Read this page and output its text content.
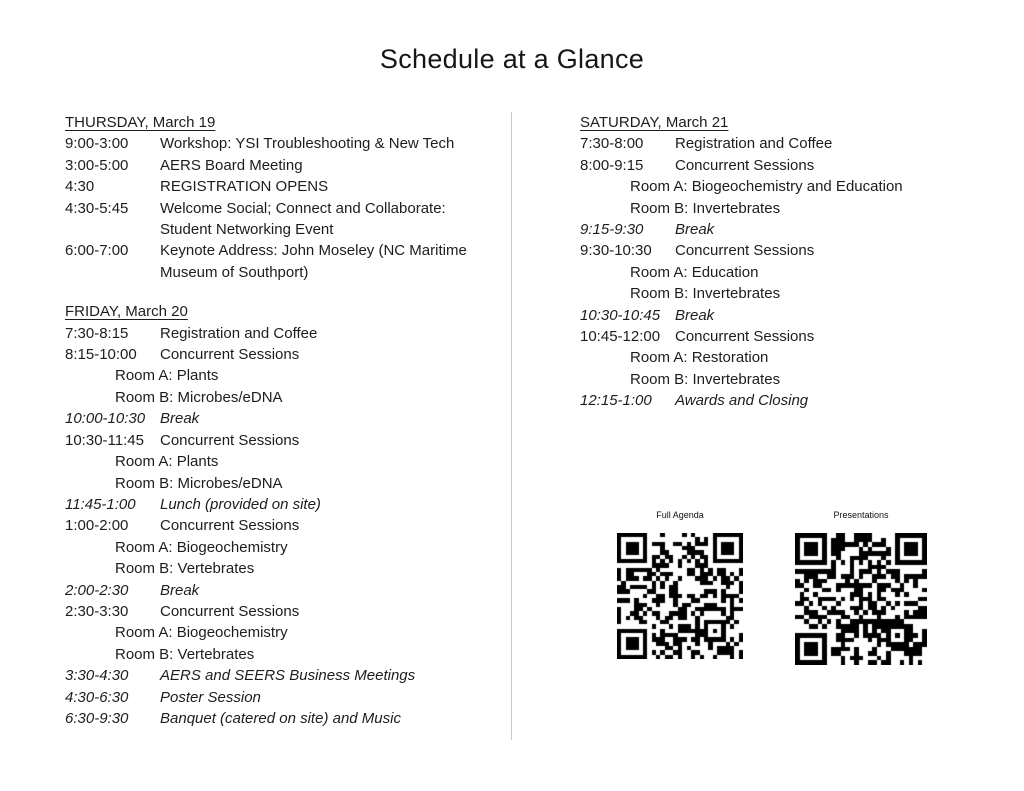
Schedule at a Glance
THURSDAY, March 19
9:00-3:00	Workshop: YSI Troubleshooting & New Tech
3:00-5:00	AERS Board Meeting
4:30	REGISTRATION OPENS
4:30-5:45	Welcome Social; Connect and Collaborate:
Student Networking Event
6:00-7:00	Keynote Address: John Moseley (NC Maritime
Museum of Southport)
FRIDAY, March 20
7:30-8:15	Registration and Coffee
8:15-10:00	Concurrent Sessions
Room A: Plants
Room B: Microbes/eDNA
10:00-10:30 Break
10:30-11:45	Concurrent Sessions
Room A: Plants
Room B: Microbes/eDNA
11:45-1:00	Lunch (provided on site)
1:00-2:00	Concurrent Sessions
Room A: Biogeochemistry
Room B: Vertebrates
2:00-2:30	Break
2:30-3:30	Concurrent Sessions
Room A: Biogeochemistry
Room B: Vertebrates
3:30-4:30	AERS and SEERS Business Meetings
4:30-6:30	Poster Session
6:30-9:30	Banquet (catered on site) and Music
SATURDAY, March 21
7:30-8:00	Registration and Coffee
8:00-9:15	Concurrent Sessions
Room A: Biogeochemistry and Education
Room B: Invertebrates
9:15-9:30	Break
9:30-10:30	Concurrent Sessions
Room A: Education
Room B: Invertebrates
10:30-10:45 Break
10:45-12:00 Concurrent Sessions
Room A: Restoration
Room B: Invertebrates
12:15-1:00	Awards and Closing
Full Agenda	Presentations
